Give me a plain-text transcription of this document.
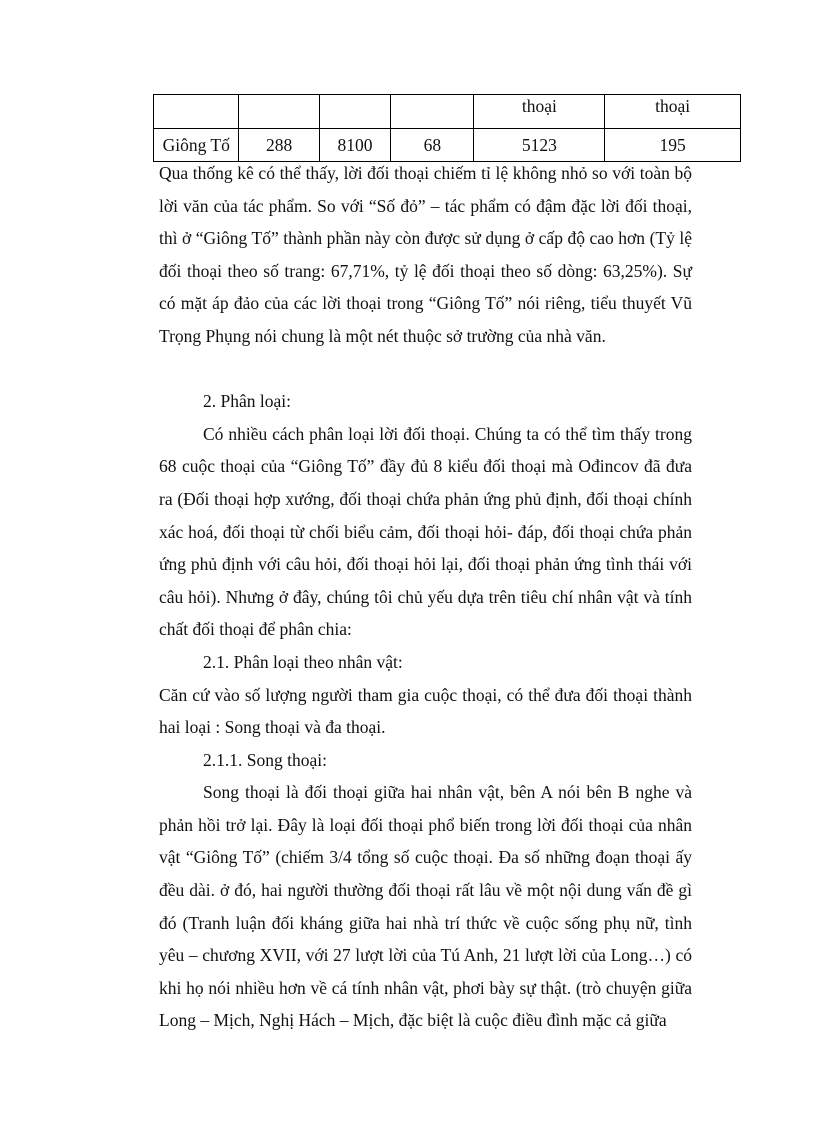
				thoại	thoại
Giông Tố	288	8100	68	5123	195

Qua thống kê có thể thấy, lời đối thoại chiếm tỉ lệ không nhỏ so với toàn bộ lời văn của tác phẩm. So với “Số đỏ” – tác phẩm có đậm đặc lời đối thoại, thì ở “Giông Tố” thành phần này còn được sử dụng ở cấp độ cao hơn (Tỷ lệ đối thoại theo số trang: 67,71%, tỷ lệ đối thoại theo số dòng: 63,25%). Sự có mặt áp đảo của các lời thoại trong “Giông Tố” nói riêng, tiểu thuyết Vũ Trọng Phụng nói chung là một nét thuộc sở trường của nhà văn.

2. Phân loại:

Có nhiều cách phân loại lời đối thoại. Chúng ta có thể tìm thấy trong 68 cuộc thoại của “Giông Tố” đầy đủ 8 kiểu đối thoại mà Ođincov đã đưa ra (Đối thoại hợp xướng, đối thoại chứa phản ứng phủ định, đối thoại chính xác hoá, đối thoại từ chối biểu cảm, đối thoại hỏi- đáp, đối thoại chứa phản ứng phủ định với câu hỏi, đối thoại hỏi lại, đối thoại phản ứng tình thái với câu hỏi). Nhưng ở đây, chúng tôi chủ yếu dựa trên tiêu chí nhân vật và tính chất đối thoại để phân chia:

2.1. Phân loại theo nhân vật:

Căn cứ vào số lượng người tham gia cuộc thoại, có thể đưa đối thoại thành hai loại : Song thoại và đa thoại.

2.1.1. Song thoại:

Song thoại là đối thoại giữa hai nhân vật, bên A nói bên B nghe và phản hồi trở lại. Đây là loại đối thoại phổ biến trong lời đối thoại của nhân vật “Giông Tố” (chiếm 3/4 tổng số cuộc thoại. Đa số những đoạn thoại ấy đều dài. ở đó, hai người thường đối thoại rất lâu về một nội dung vấn đề gì đó (Tranh luận đối kháng giữa hai nhà trí thức về cuộc sống phụ nữ, tình yêu – chương XVII, với 27 lượt lời của Tú Anh, 21 lượt lời của Long…) có khi họ nói nhiều hơn về cá tính nhân vật, phơi bày sự thật. (trò chuyện giữa Long – Mịch, Nghị Hách – Mịch, đặc biệt là cuộc điều đình mặc cả giữa
